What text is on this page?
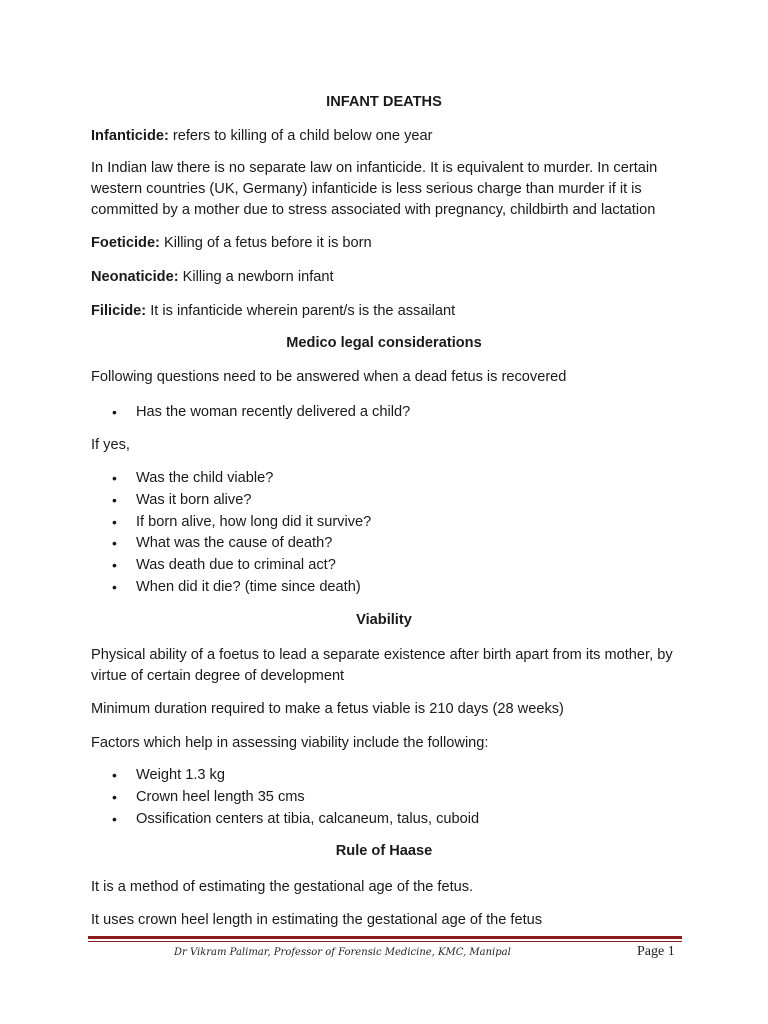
INFANT DEATHS

Infanticide: refers to killing of a child below one year

In Indian law there is no separate law on infanticide. It is equivalent to murder. In certain western countries (UK, Germany) infanticide is less serious charge than murder if it is committed by a mother due to stress associated with pregnancy, childbirth and lactation

Foeticide: Killing of a fetus before it is born

Neonaticide: Killing a newborn infant

Filicide: It is infanticide wherein parent/s is the assailant

Medico legal considerations

Following questions need to be answered when a dead fetus is recovered

• Has the woman recently delivered a child?

If yes,

• Was the child viable?
• Was it born alive?
• If born alive, how long did it survive?
• What was the cause of death?
• Was death due to criminal act?
• When did it die? (time since death)
Viability

Physical ability of a foetus to lead a separate existence after birth apart from its mother, by virtue of certain degree of development

Minimum duration required to make a fetus viable is 210 days (28 weeks)

Factors which help in assessing viability include the following:

• Weight 1.3 kg
• Crown heel length 35 cms
• Ossification centers at tibia, calcaneum, talus, cuboid
Rule of Haase

It is a method of estimating the gestational age of the fetus.

It uses crown heel length in estimating the gestational age of the fetus

Dr Vikram Palimar, Professor of Forensic Medicine, KMC, Manipal	Page 1
